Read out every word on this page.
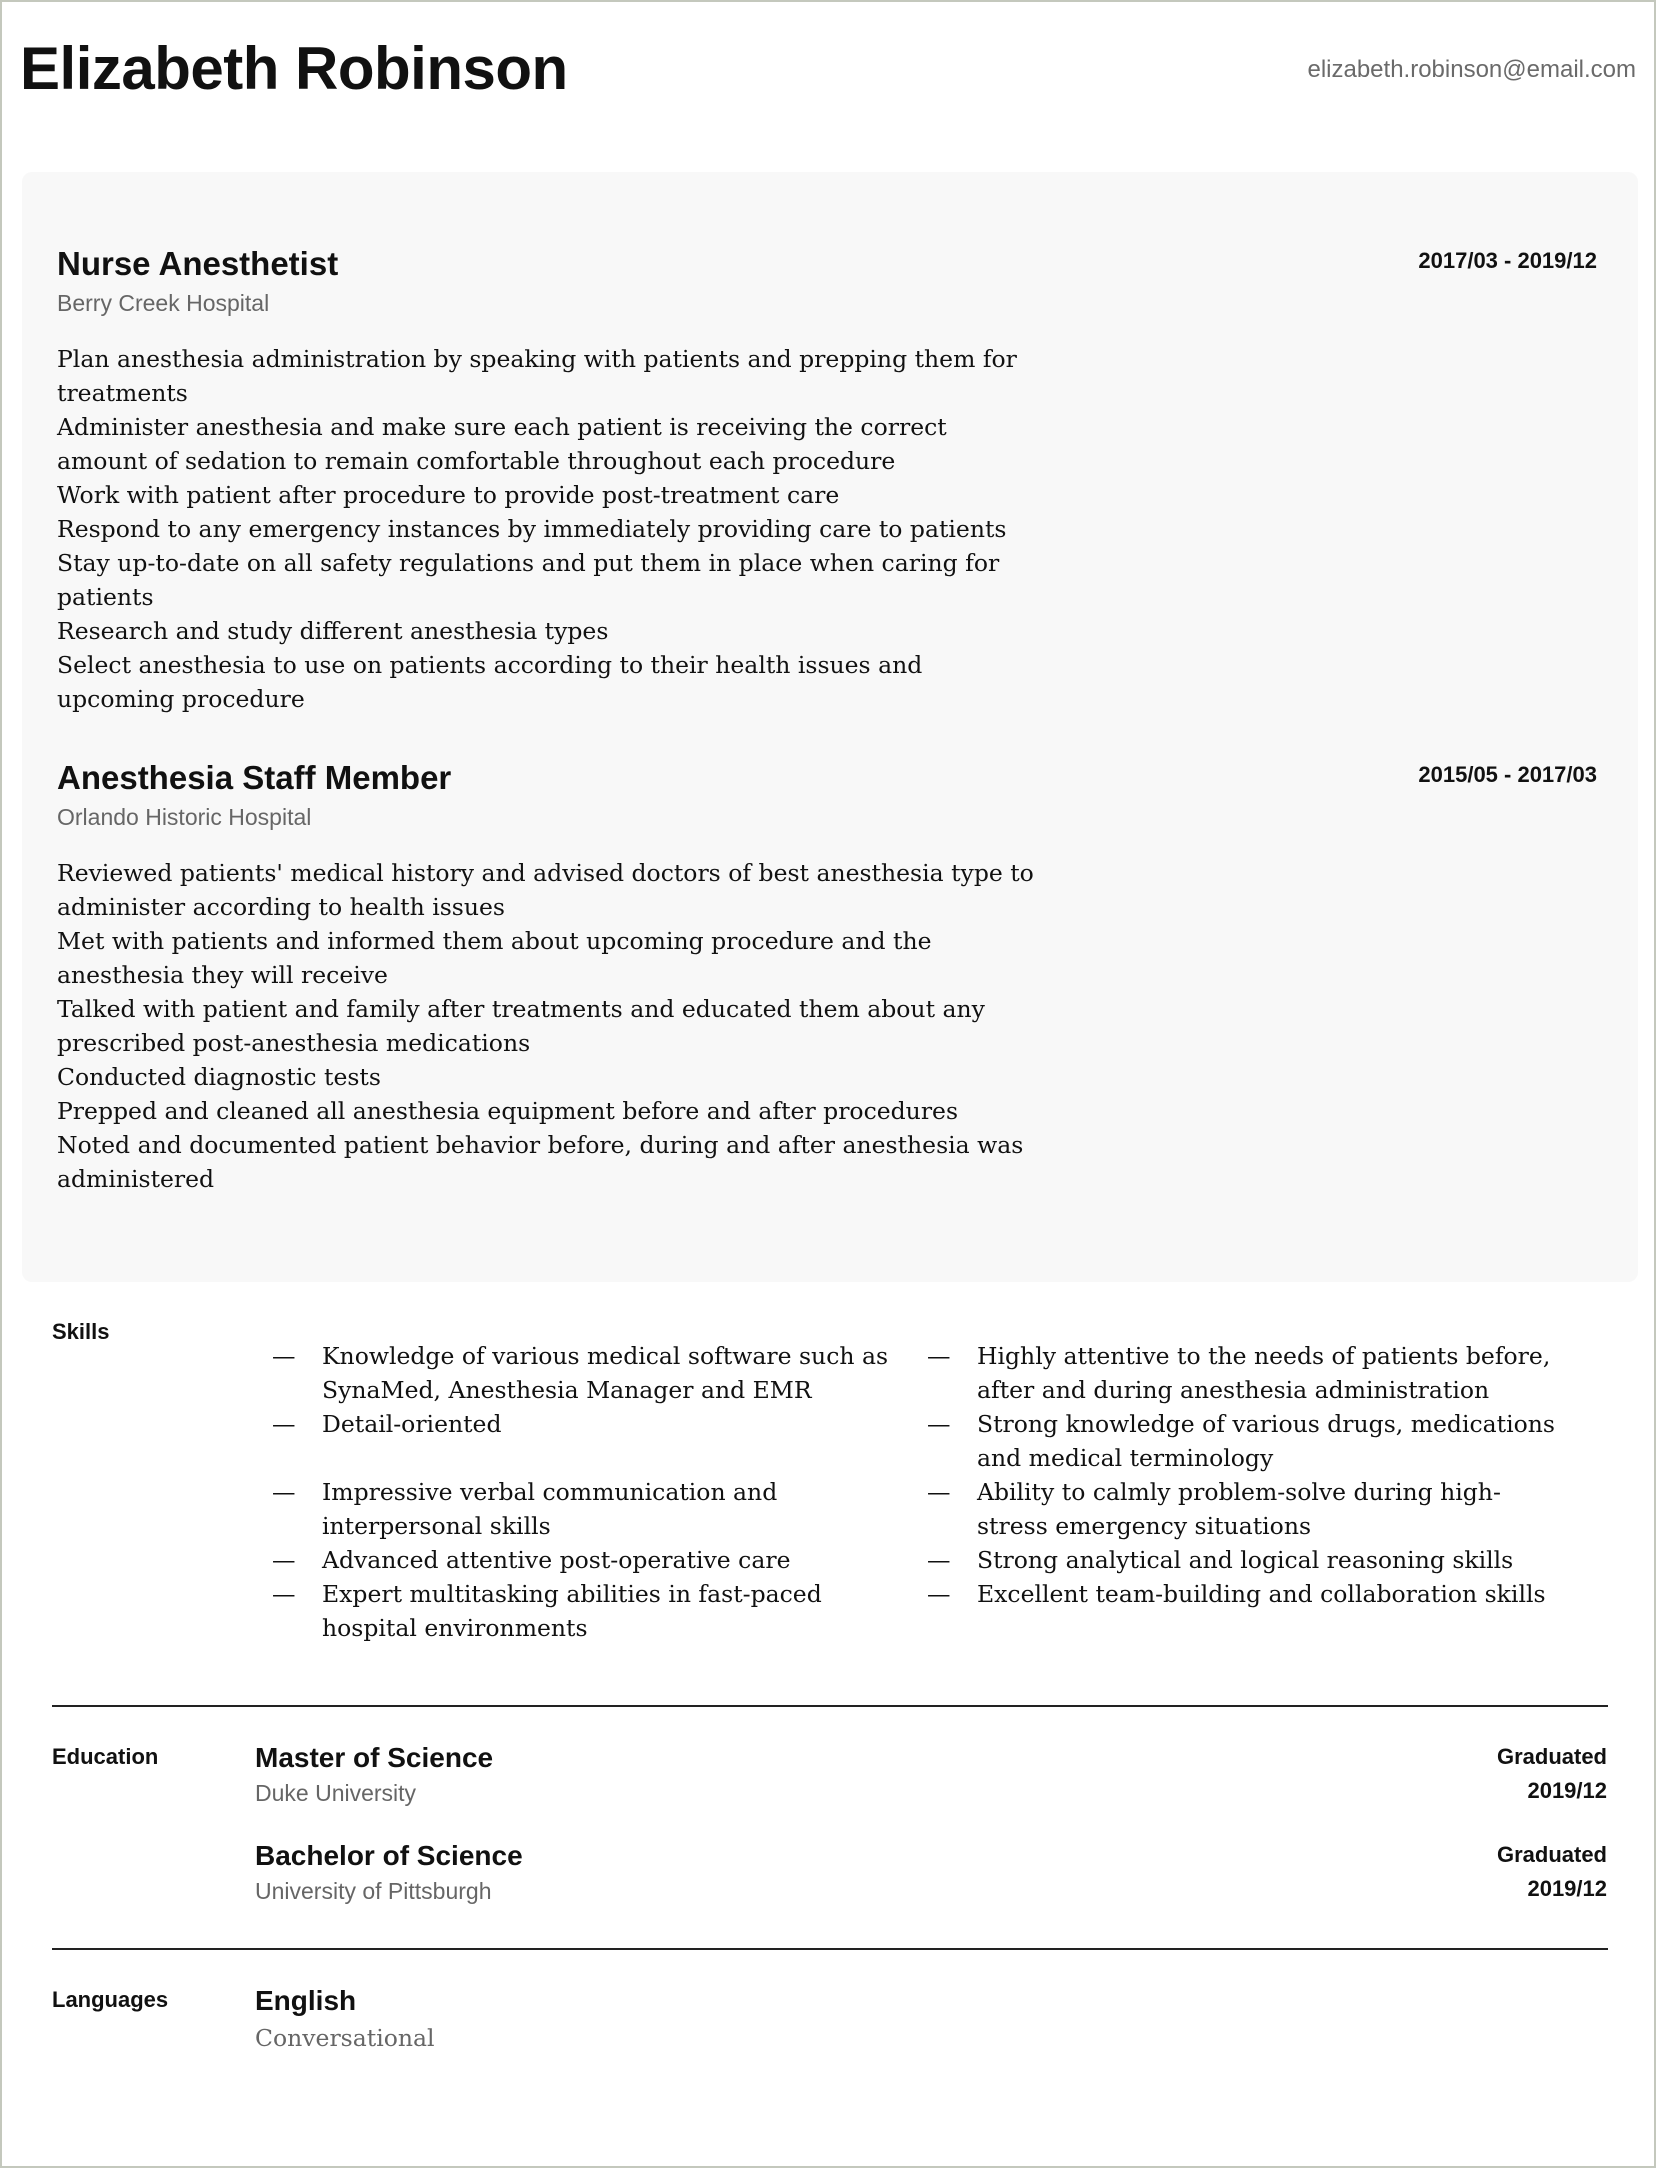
Elizabeth Robinson	elizabeth.robinson@email.com
Nurse Anesthetist
Berry Creek Hospital
2017/03 - 2019/12
Plan anesthesia administration by speaking with patients and prepping them for treatments
Administer anesthesia and make sure each patient is receiving the correct amount of sedation to remain comfortable throughout each procedure
Work with patient after procedure to provide post-treatment care
Respond to any emergency instances by immediately providing care to patients
Stay up-to-date on all safety regulations and put them in place when caring for patients
Research and study different anesthesia types
Select anesthesia to use on patients according to their health issues and upcoming procedure
Anesthesia Staff Member
Orlando Historic Hospital
2015/05 - 2017/03
Reviewed patients' medical history and advised doctors of best anesthesia type to administer according to health issues
Met with patients and informed them about upcoming procedure and the anesthesia they will receive
Talked with patient and family after treatments and educated them about any prescribed post-anesthesia medications
Conducted diagnostic tests
Prepped and cleaned all anesthesia equipment before and after procedures
Noted and documented patient behavior before, during and after anesthesia was administered
Skills
—	Knowledge of various medical software such as SynaMed, Anesthesia Manager and EMR
—	Detail-oriented
—	Impressive verbal communication and interpersonal skills
—	Advanced attentive post-operative care
—	Expert multitasking abilities in fast-paced hospital environments
—	Highly attentive to the needs of patients before, after and during anesthesia administration
—	Strong knowledge of various drugs, medications and medical terminology
—	Ability to calmly problem-solve during high-stress emergency situations
—	Strong analytical and logical reasoning skills
—	Excellent team-building and collaboration skills
Education	Master of Science
Duke University
Graduated
2019/12
Bachelor of Science
University of Pittsburgh
Graduated
2019/12
Languages	English
Conversational
